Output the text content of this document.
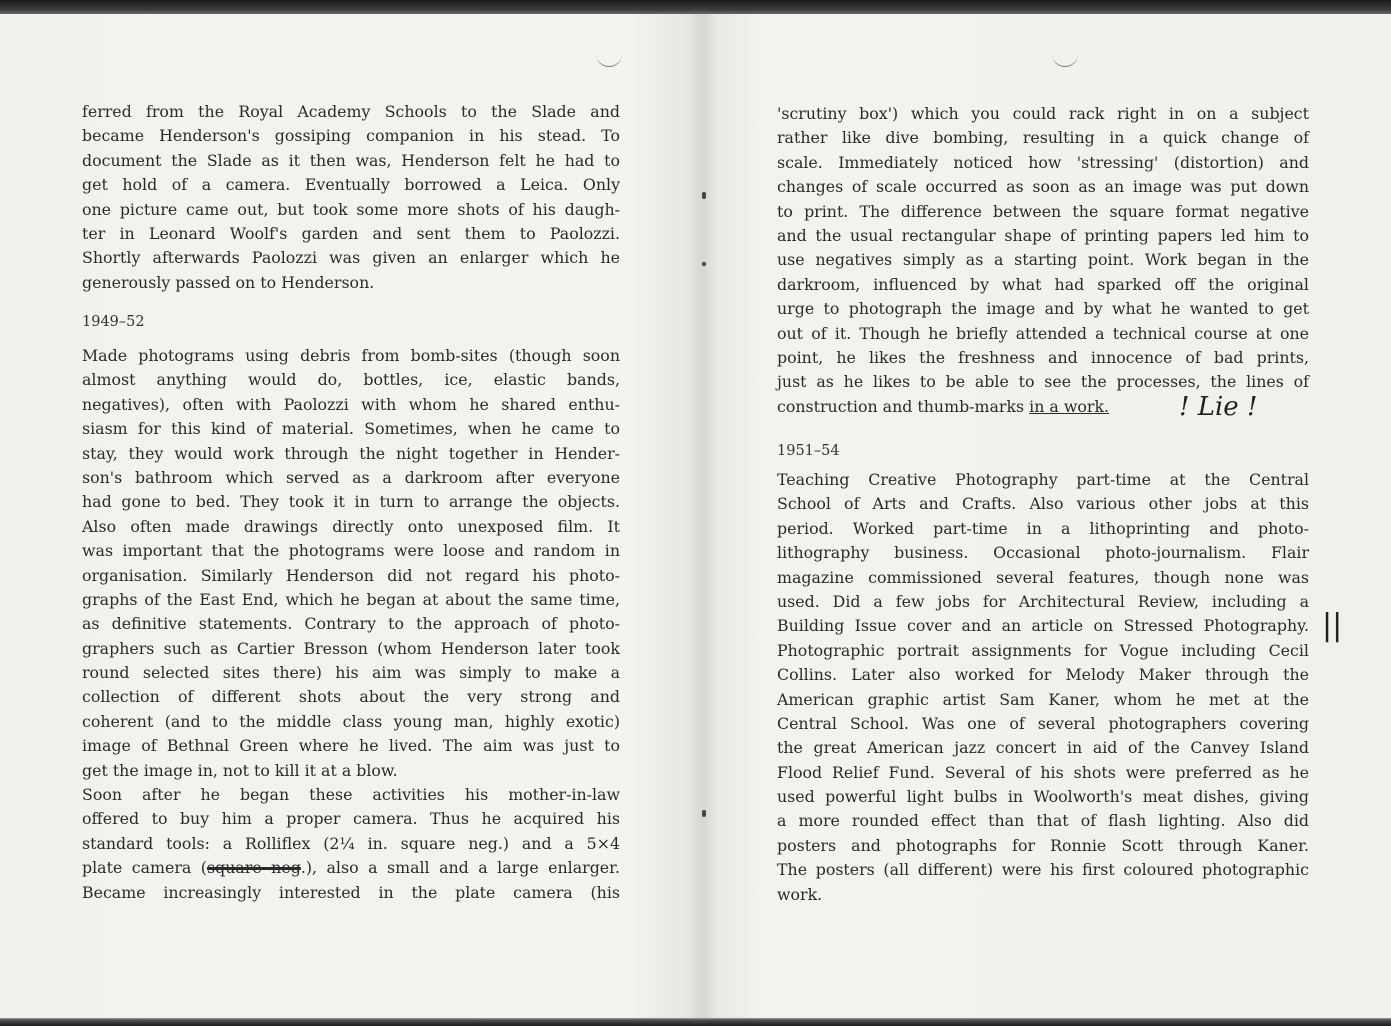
ferred from the Royal Academy Schools to the Slade and
became Henderson's gossiping companion in his stead. To
document the Slade as it then was, Henderson felt he had to
get hold of a camera. Eventually borrowed a Leica. Only
one picture came out, but took some more shots of his daugh-
ter in Leonard Woolf's garden and sent them to Paolozzi.
Shortly afterwards Paolozzi was given an enlarger which he
generously passed on to Henderson.
1949–52
Made photograms using debris from bomb-sites (though soon
almost anything would do, bottles, ice, elastic bands,
negatives), often with Paolozzi with whom he shared enthu-
siasm for this kind of material. Sometimes, when he came to
stay, they would work through the night together in Hender-
son's bathroom which served as a darkroom after everyone
had gone to bed. They took it in turn to arrange the objects.
Also often made drawings directly onto unexposed film. It
was important that the photograms were loose and random in
organisation. Similarly Henderson did not regard his photo-
graphs of the East End, which he began at about the same time,
as definitive statements. Contrary to the approach of photo-
graphers such as Cartier Bresson (whom Henderson later took
round selected sites there) his aim was simply to make a
collection of different shots about the very strong and
coherent (and to the middle class young man, highly exotic)
image of Bethnal Green where he lived. The aim was just to
get the image in, not to kill it at a blow.
Soon after he began these activities his mother-in-law
offered to buy him a proper camera. Thus he acquired his
standard tools: a Rolliflex (2¼ in. square neg.) and a 5×4
plate camera (square neg.), also a small and a large enlarger.
Became increasingly interested in the plate camera (his
'scrutiny box') which you could rack right in on a subject
rather like dive bombing, resulting in a quick change of
scale. Immediately noticed how 'stressing' (distortion) and
changes of scale occurred as soon as an image was put down
to print. The difference between the square format negative
and the usual rectangular shape of printing papers led him to
use negatives simply as a starting point. Work began in the
darkroom, influenced by what had sparked off the original
urge to photograph the image and by what he wanted to get
out of it. Though he briefly attended a technical course at one
point, he likes the freshness and innocence of bad prints,
just as he likes to be able to see the processes, the lines of
construction and thumb-marks in a work.	! Lie !
1951–54
Teaching Creative Photography part-time at the Central
School of Arts and Crafts. Also various other jobs at this
period. Worked part-time in a lithoprinting and photo-
lithography business. Occasional photo-journalism. Flair
magazine commissioned several features, though none was
used. Did a few jobs for Architectural Review, including a
Building Issue cover and an article on Stressed Photography.
Photographic portrait assignments for Vogue including Cecil
Collins. Later also worked for Melody Maker through the
American graphic artist Sam Kaner, whom he met at the
Central School. Was one of several photographers covering
the great American jazz concert in aid of the Canvey Island
Flood Relief Fund. Several of his shots were preferred as he
used powerful light bulbs in Woolworth's meat dishes, giving
a more rounded effect than that of flash lighting. Also did
posters and photographs for Ronnie Scott through Kaner.
The posters (all different) were his first coloured photographic
work.
||
